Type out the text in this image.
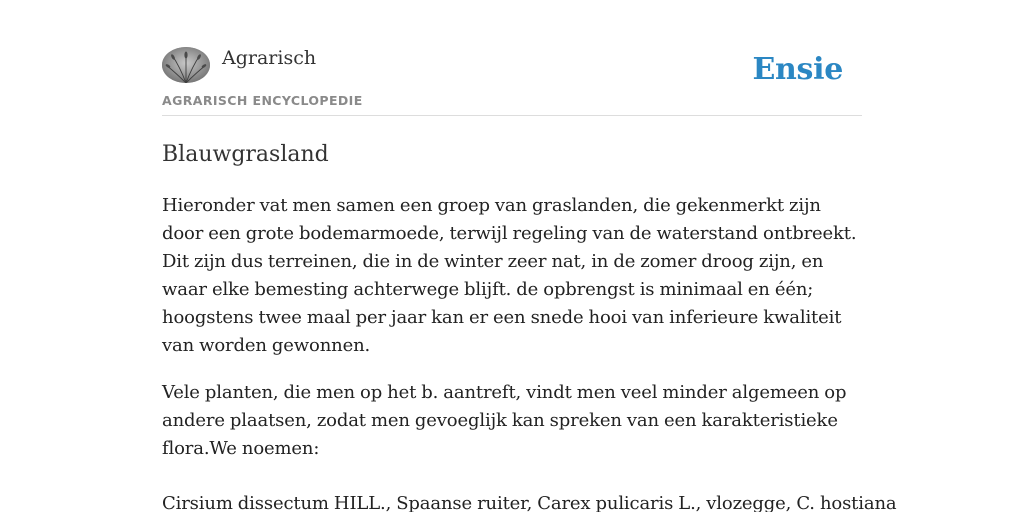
Agrarisch
AGRARISCH ENCYCLOPEDIE
Ensie
Blauwgrasland

Hieronder vat men samen een groep van graslanden, die gekenmerkt zijn door een grote bodemarmoede, terwijl regeling van de waterstand ontbreekt. Dit zijn dus terreinen, die in de winter zeer nat, in de zomer droog zijn, en waar elke bemesting achterwege blijft. de opbrengst is minimaal en één; hoogstens twee maal per jaar kan er een snede hooi van inferieure kwaliteit van worden gewonnen.

Vele planten, die men op het b. aantreft, vindt men veel minder algemeen op andere plaatsen, zodat men gevoeglijk kan spreken van een karakteristieke flora.We noemen:

Cirsium dissectum HILL., Spaanse ruiter, Carex pulicaris L., vlozegge, C. hostiana
